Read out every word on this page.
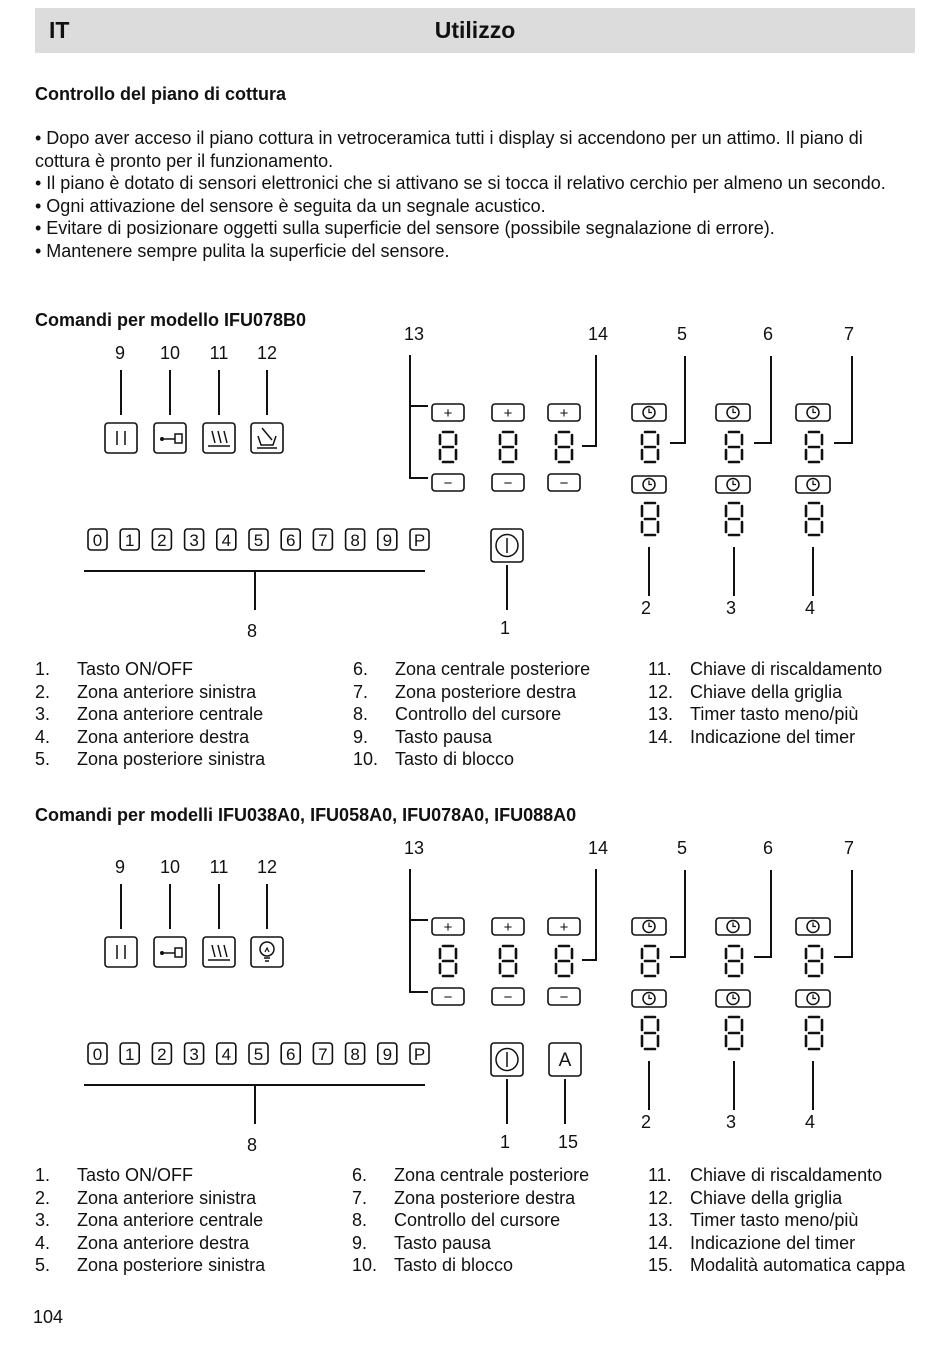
IT	Utilizzo
Controllo del piano di cottura

• Dopo aver acceso il piano cottura in vetroceramica tutti i display si accendono per un attimo. Il piano di cottura è pronto per il funzionamento.

• Il piano è dotato di sensori elettronici che si attivano se si tocca il relativo cerchio per almeno un secondo.

• Ogni attivazione del sensore è seguita da un segnale acustico.

• Evitare di posizionare oggetti sulla superficie del sensore (possibile segnalazione di errore).

• Mantenere sempre pulita la superficie del sensore.

Comandi per modello IFU078B0
9 10 11 12
13
+
−
+
−
+
−
14	5	6	7
0 1 2 3 4 5 6 7 8 9 P
8	1
2	3	4
1. Tasto ON/OFF
2. Zona anteriore sinistra
3. Zona anteriore centrale
4. Zona anteriore destra
5. Zona posteriore sinistra
6. Zona centrale posteriore
7. Zona posteriore destra
8. Controllo del cursore
9. Tasto pausa
10. Tasto di blocco
11. Chiave di riscaldamento
12. Chiave della griglia
13. Timer tasto meno/più
14. Indicazione del timer
Comandi per modelli IFU038A0, IFU058A0, IFU078A0, IFU088A0
9 10 11 12
13
+
−
+
−
+
−
14	5	6	7
0 1 2 3 4 5 6 7 8 9 P
8	1
A
15
2	3	4
1. Tasto ON/OFF
2. Zona anteriore sinistra
3. Zona anteriore centrale
4. Zona anteriore destra
5. Zona posteriore sinistra
6. Zona centrale posteriore
7. Zona posteriore destra
8. Controllo del cursore
9. Tasto pausa
10. Tasto di blocco
11. Chiave di riscaldamento
12. Chiave della griglia
13. Timer tasto meno/più
14. Indicazione del timer
15. Modalità automatica cappa
104
